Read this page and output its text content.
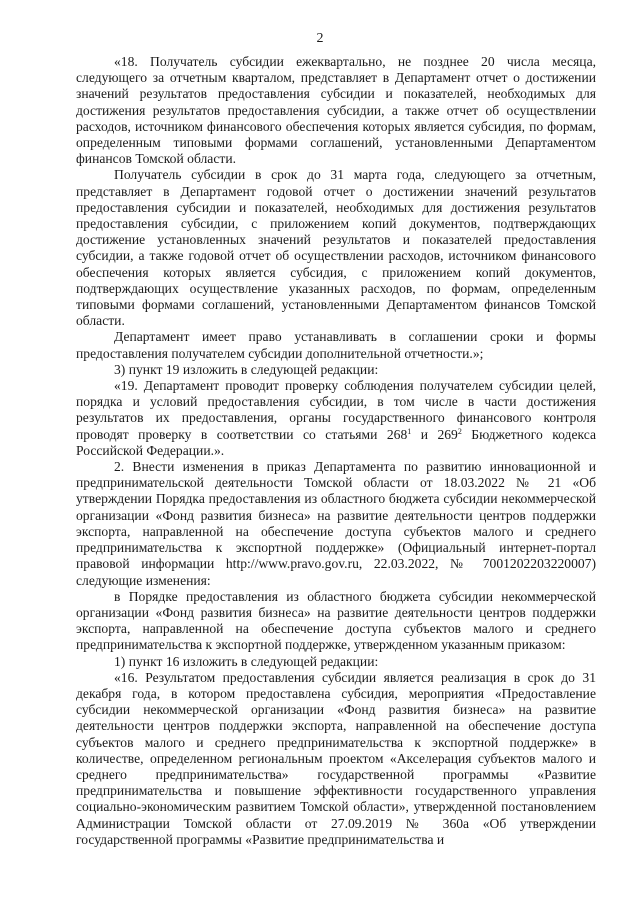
2

«18. Получатель субсидии ежеквартально, не позднее 20 числа месяца, следующего за отчетным кварталом, представляет в Департамент отчет о достижении значений результатов предоставления субсидии и показателей, необходимых для достижения результатов предоставления субсидии, а также отчет об осуществлении расходов, источником финансового обеспечения которых является субсидия, по формам, определенным типовыми формами соглашений, установленными Департаментом финансов Томской области.

Получатель субсидии в срок до 31 марта года, следующего за отчетным, представляет в Департамент годовой отчет о достижении значений результатов предоставления субсидии и показателей, необходимых для достижения результатов предоставления субсидии, с приложением копий документов, подтверждающих достижение установленных значений результатов и показателей предоставления субсидии, а также годовой отчет об осуществлении расходов, источником финансового обеспечения которых является субсидия, с приложением копий документов, подтверждающих осуществление указанных расходов, по формам, определенным типовыми формами соглашений, установленными Департаментом финансов Томской области.

Департамент имеет право устанавливать в соглашении сроки и формы предоставления получателем субсидии дополнительной отчетности.»;

3) пункт 19 изложить в следующей редакции:

«19. Департамент проводит проверку соблюдения получателем субсидии целей, порядка и условий предоставления субсидии, в том числе в части достижения результатов их предоставления, органы государственного финансового контроля проводят проверку в соответствии со статьями $268^1$ и $269^2$ Бюджетного кодекса Российской Федерации.».

2. Внести изменения в приказ Департамента по развитию инновационной и предпринимательской деятельности Томской области от 18.03.2022 № 21 «Об утверждении Порядка предоставления из областного бюджета субсидии некоммерческой организации «Фонд развития бизнеса» на развитие деятельности центров поддержки экспорта, направленной на обеспечение доступа субъектов малого и среднего предпринимательства к экспортной поддержке» (Официальный интернет-портал правовой информации http://www.pravo.gov.ru, 22.03.2022, № 7001202203220007) следующие изменения:

в Порядке предоставления из областного бюджета субсидии некоммерческой организации «Фонд развития бизнеса» на развитие деятельности центров поддержки экспорта, направленной на обеспечение доступа субъектов малого и среднего предпринимательства к экспортной поддержке, утвержденном указанным приказом:

1) пункт 16 изложить в следующей редакции:

«16. Результатом предоставления субсидии является реализация в срок до 31 декабря года, в котором предоставлена субсидия, мероприятия «Предоставление субсидии некоммерческой организации «Фонд развития бизнеса» на развитие деятельности центров поддержки экспорта, направленной на обеспечение доступа субъектов малого и среднего предпринимательства к экспортной поддержке» в количестве, определенном региональным проектом «Акселерация субъектов малого и среднего предпринимательства» государственной программы «Развитие предпринимательства и повышение эффективности государственного управления социально-экономическим развитием Томской области», утвержденной постановлением Администрации Томской области от 27.09.2019 № 360а «Об утверждении государственной программы «Развитие предпринимательства и
